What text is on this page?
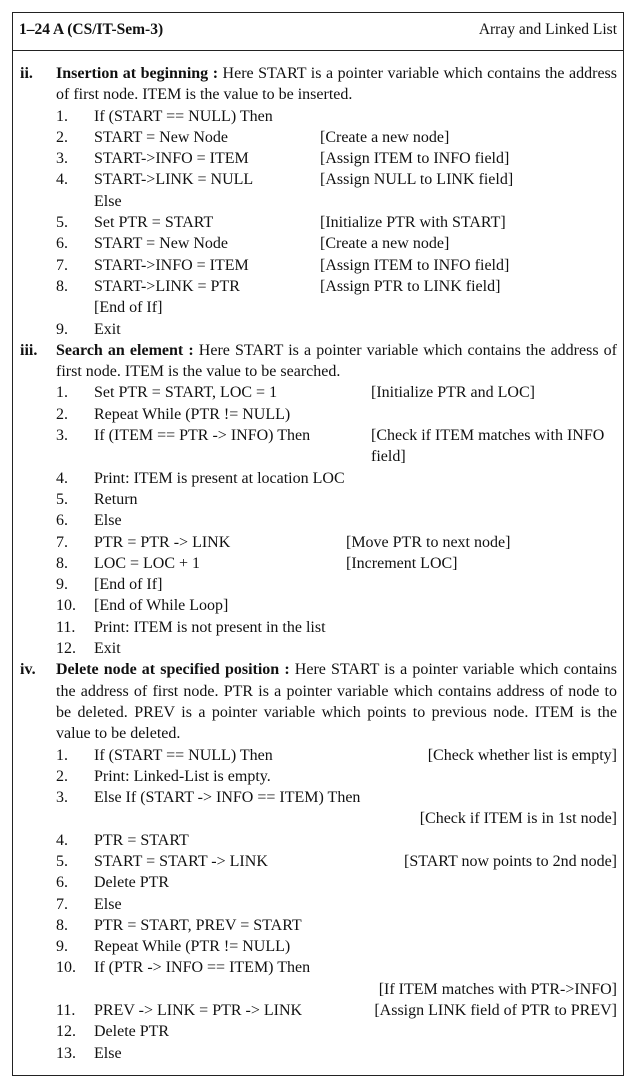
1–24 A (CS/IT-Sem-3)	Array and Linked List
ii. Insertion at beginning : Here START is a pointer variable which contains the address of first node. ITEM is the value to be inserted.
1. If (START == NULL) Then
2. START = New Node	[Create a new node]
3. START->INFO = ITEM	[Assign ITEM to INFO field]
4. START->LINK = NULL	[Assign NULL to LINK field]
Else
5. Set PTR = START	[Initialize PTR with START]
6. START = New Node	[Create a new node]
7. START->INFO = ITEM	[Assign ITEM to INFO field]
8. START->LINK = PTR	[Assign PTR to LINK field]
[End of If]
9. Exit
iii. Search an element : Here START is a pointer variable which contains the address of first node. ITEM is the value to be searched.
1. Set PTR = START, LOC = 1	[Initialize PTR and LOC]
2. Repeat While (PTR != NULL)
3. If (ITEM == PTR -> INFO) Then	[Check if ITEM matches with INFO field]
4. Print: ITEM is present at location LOC
5. Return
6. Else
7. PTR = PTR -> LINK	[Move PTR to next node]
8. LOC = LOC + 1	[Increment LOC]
9. [End of If]
10. [End of While Loop]
11. Print: ITEM is not present in the list
12. Exit
iv. Delete node at specified position : Here START is a pointer variable which contains the address of first node. PTR is a pointer variable which contains address of node to be deleted. PREV is a pointer variable which points to previous node. ITEM is the value to be deleted.
1. If (START == NULL) Then	[Check whether list is empty]
2. Print: Linked-List is empty.
3. Else If (START -> INFO == ITEM) Then
[Check if ITEM is in 1st node]
4. PTR = START
5. START = START -> LINK	[START now points to 2nd node]
6. Delete PTR
7. Else
8. PTR = START, PREV = START
9. Repeat While (PTR != NULL)
10. If (PTR -> INFO == ITEM) Then
[If ITEM matches with PTR->INFO]
11. PREV -> LINK = PTR -> LINK	[Assign LINK field of PTR to PREV]
12. Delete PTR
13. Else
